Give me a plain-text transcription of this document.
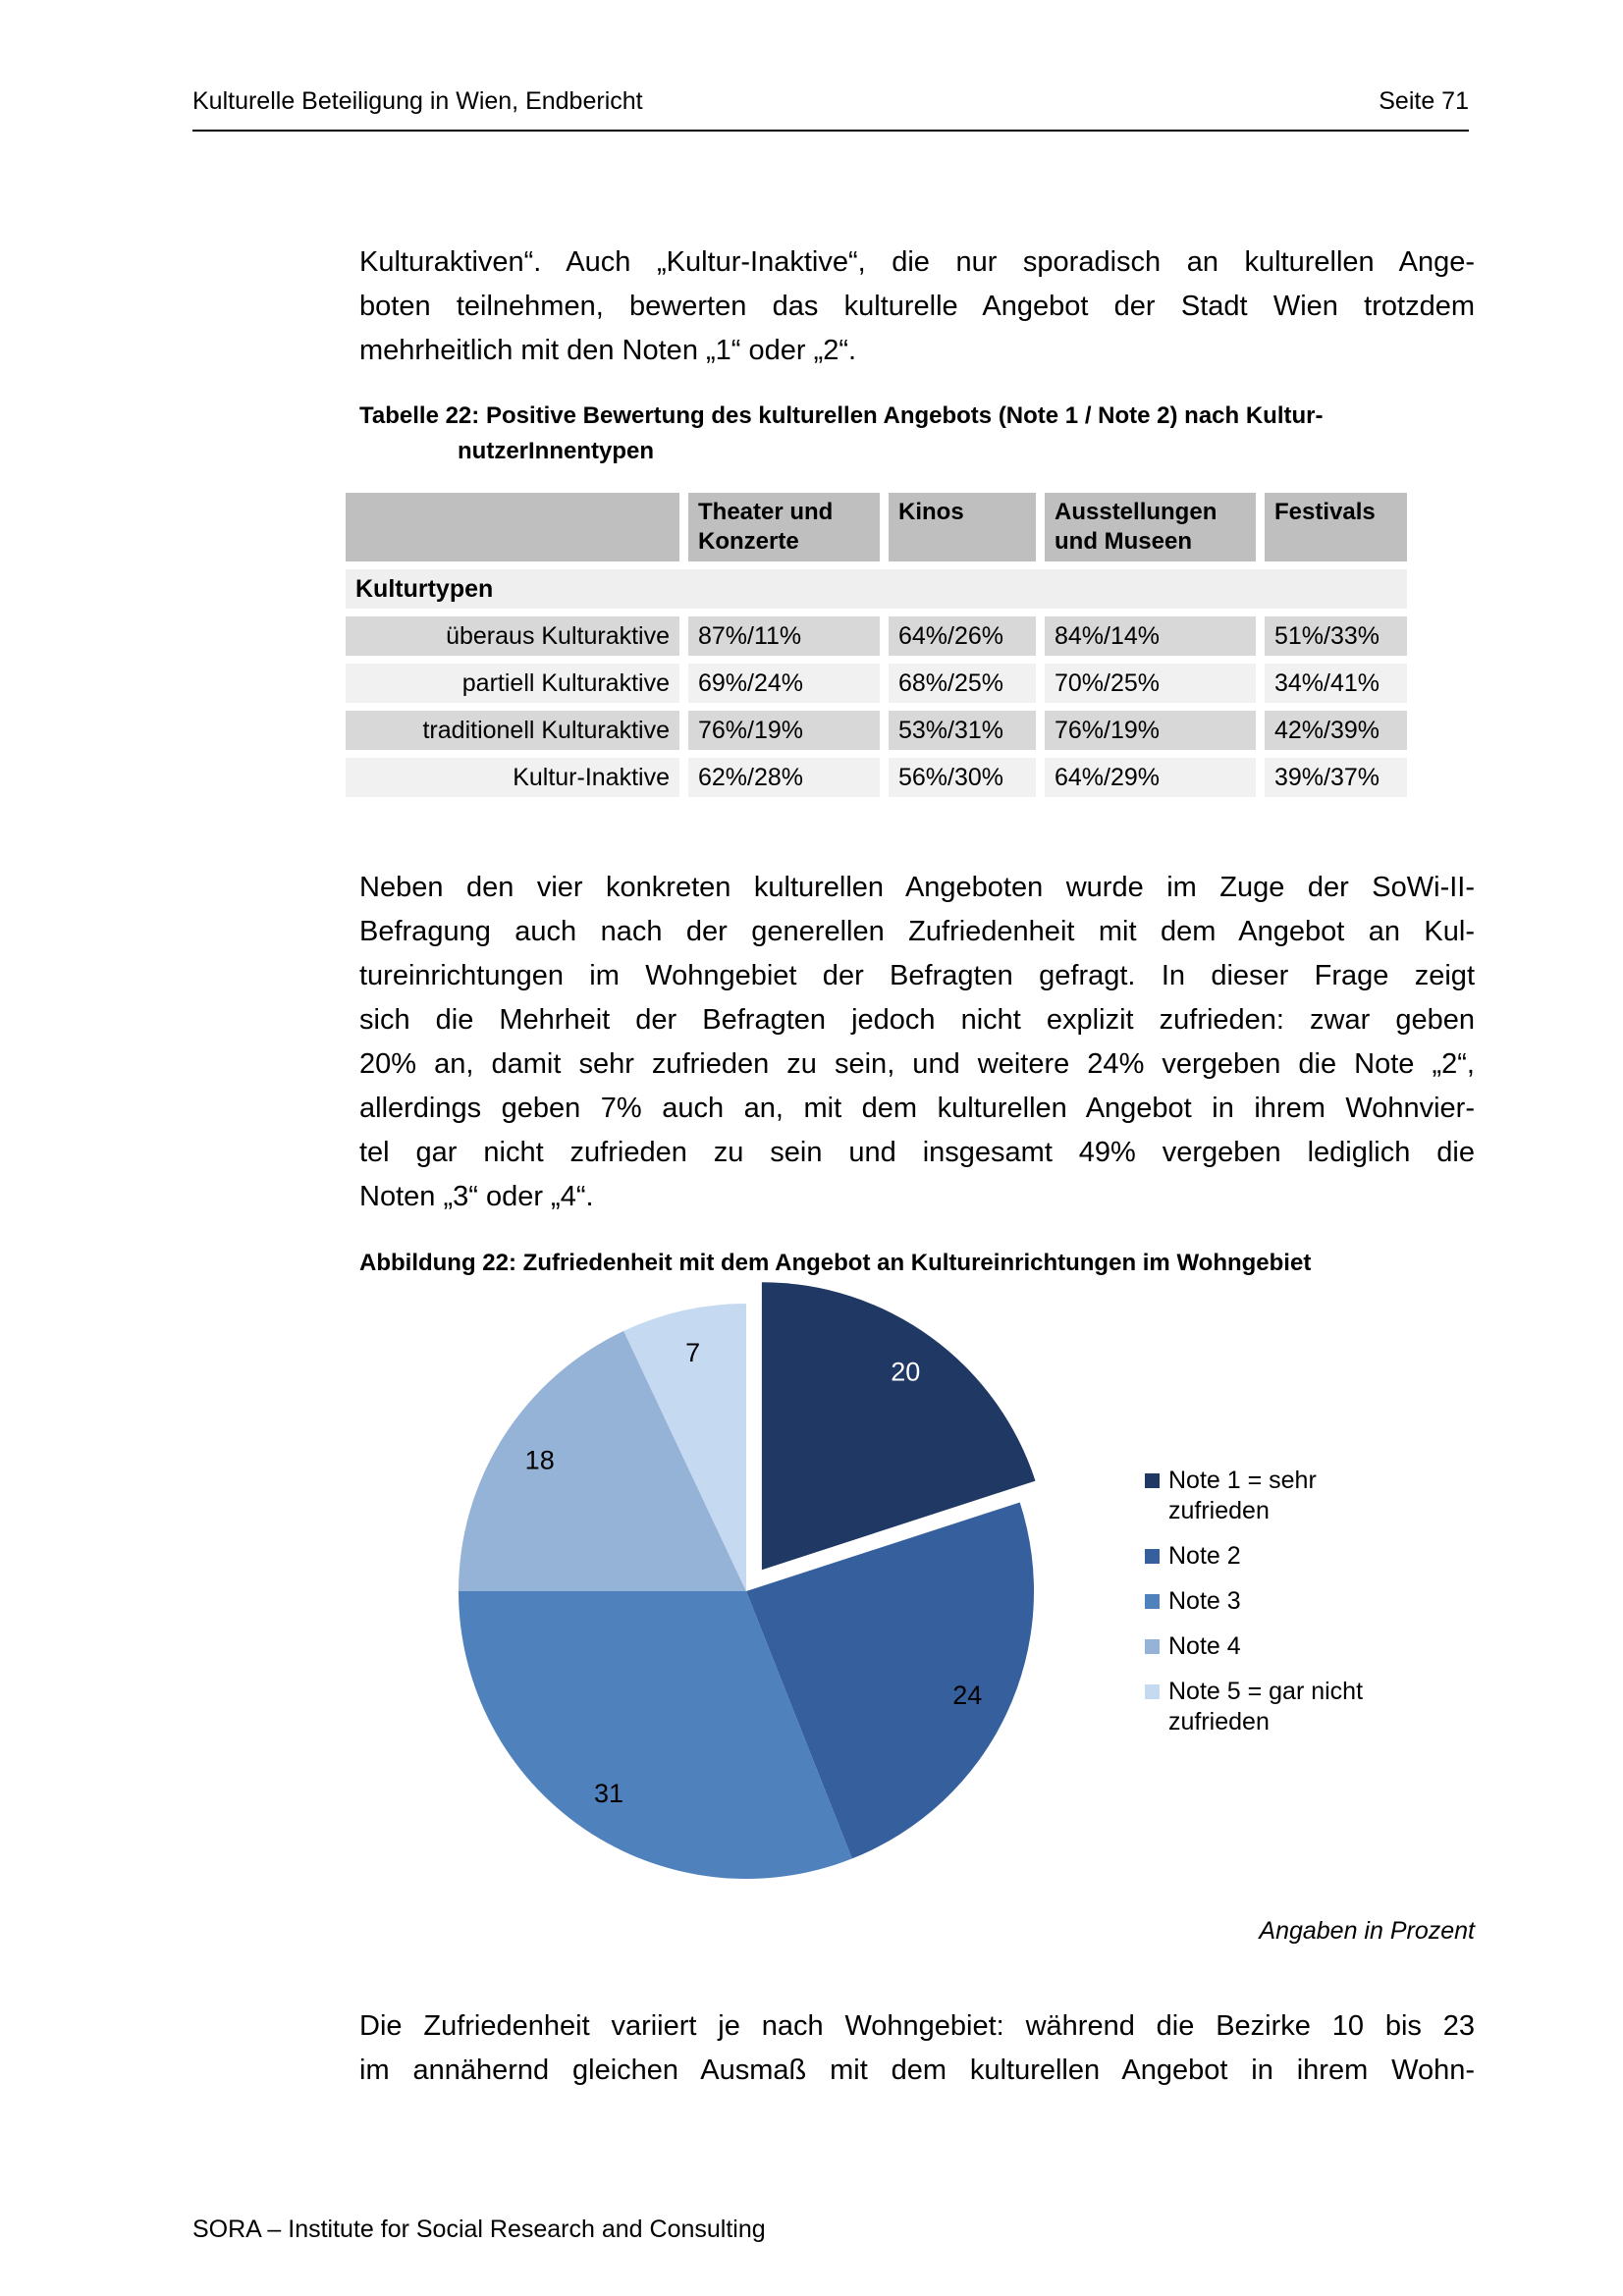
Kulturelle Beteiligung in Wien, Endbericht	Seite 71
Kulturaktiven“. Auch „Kultur-Inaktive“, die nur sporadisch an kulturellen Ange-
boten teilnehmen, bewerten das kulturelle Angebot der Stadt Wien trotzdem
mehrheitlich mit den Noten „1“ oder „2“.
Tabelle 22: Positive Bewertung des kulturellen Angebots (Note 1 / Note 2) nach Kultur-
nutzerInnentypen
	Theater und Konzerte	Kinos	Ausstellungen und Museen	Festivals
Kulturtypen				
überaus Kulturaktive	87%/11%	64%/26%	84%/14%	51%/33%
partiell Kulturaktive	69%/24%	68%/25%	70%/25%	34%/41%
traditionell Kulturaktive	76%/19%	53%/31%	76%/19%	42%/39%
Kultur-Inaktive	62%/28%	56%/30%	64%/29%	39%/37%
Neben den vier konkreten kulturellen Angeboten wurde im Zuge der SoWi-II-
Befragung auch nach der generellen Zufriedenheit mit dem Angebot an Kul-
tureinrichtungen im Wohngebiet der Befragten gefragt. In dieser Frage zeigt
sich die Mehrheit der Befragten jedoch nicht explizit zufrieden: zwar geben
20% an, damit sehr zufrieden zu sein, und weitere 24% vergeben die Note „2“,
allerdings geben 7% auch an, mit dem kulturellen Angebot in ihrem Wohnvier-
tel gar nicht zufrieden zu sein und insgesamt 49% vergeben lediglich die
Noten „3“ oder „4“.
Abbildung 22: Zufriedenheit mit dem Angebot an Kultureinrichtungen im Wohngebiet
20
24
31
18
7
Note 1 = sehr zufrieden
Note 2
Note 3
Note 4
Note 5 = gar nicht zufrieden
Angaben in Prozent
Die Zufriedenheit variiert je nach Wohngebiet: während die Bezirke 10 bis 23
im annähernd gleichen Ausmaß mit dem kulturellen Angebot in ihrem Wohn-
SORA – Institute for Social Research and Consulting
